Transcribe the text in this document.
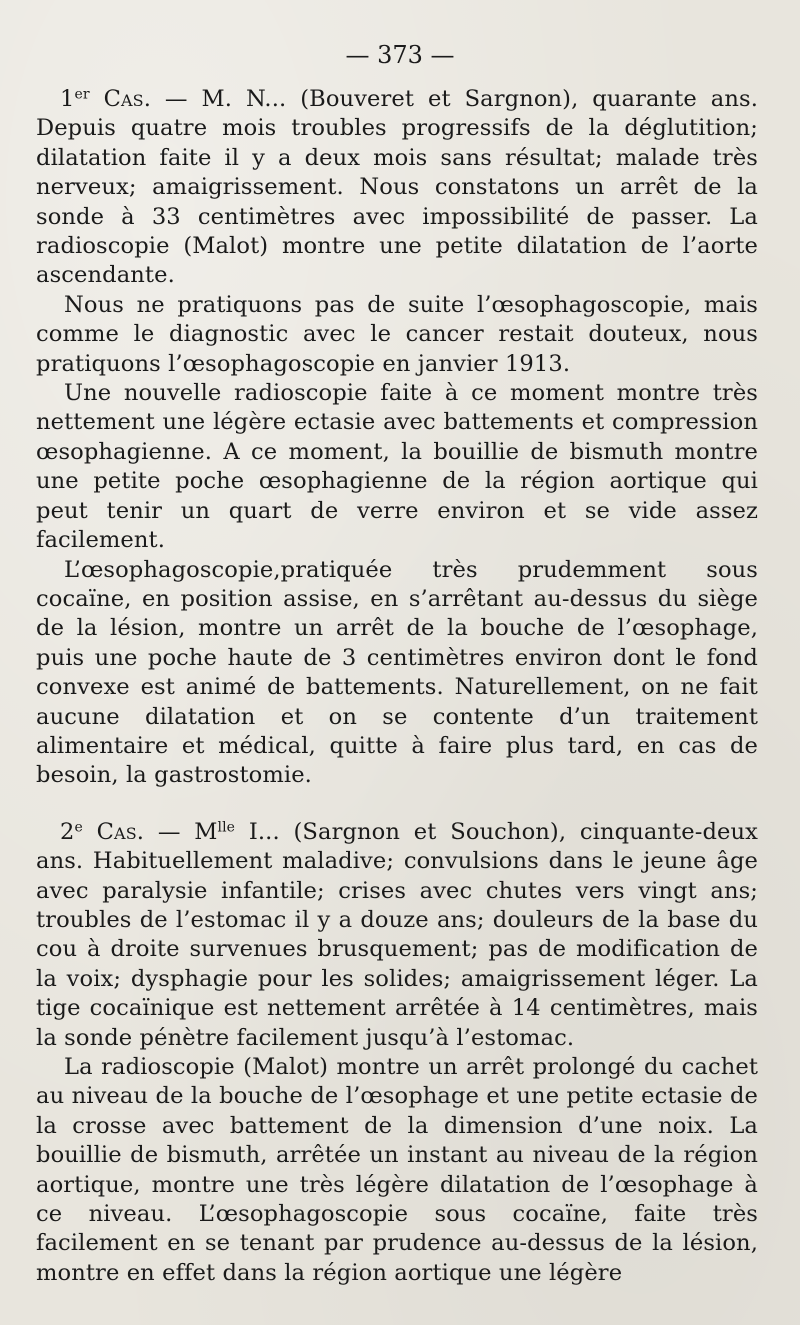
— 373 —

1er Cas. — M. N... (Bouveret et Sargnon), quarante ans. Depuis quatre mois troubles progressifs de la déglutition; dilatation faite il y a deux mois sans résultat; malade très nerveux; amaigrissement. Nous constatons un arrêt de la sonde à 33 centimètres avec impossibilité de passer. La radioscopie (Malot) montre une petite dilatation de l’aorte ascendante.

Nous ne pratiquons pas de suite l’œsophagoscopie, mais comme le diagnostic avec le cancer restait douteux, nous pratiquons l’œsophagoscopie en janvier 1913.

Une nouvelle radioscopie faite à ce moment montre très nettement une légère ectasie avec battements et compression œsophagienne. A ce moment, la bouillie de bismuth montre une petite poche œsophagienne de la région aortique qui peut tenir un quart de verre environ et se vide assez facilement.

L’œsophagoscopie,pratiquée très prudemment sous cocaïne, en position assise, en s’arrêtant au-dessus du siège de la lésion, montre un arrêt de la bouche de l’œsophage, puis une poche haute de 3 centimètres environ dont le fond convexe est animé de battements. Naturellement, on ne fait aucune dilatation et on se contente d’un traitement alimentaire et médical, quitte à faire plus tard, en cas de besoin, la gastrostomie.

2e Cas. — $M^{lle}$ I... (Sargnon et Souchon), cinquante-deux ans. Habituellement maladive; convulsions dans le jeune âge avec paralysie infantile; crises avec chutes vers vingt ans; troubles de l’estomac il y a douze ans; douleurs de la base du cou à droite survenues brusquement; pas de modification de la voix; dysphagie pour les solides; amaigrissement léger. La tige cocaïnique est nettement arrêtée à 14 centimètres, mais la sonde pénètre facilement jusqu’à l’estomac.

La radioscopie (Malot) montre un arrêt prolongé du cachet au niveau de la bouche de l’œsophage et une petite ectasie de la crosse avec battement de la dimension d’une noix. La bouillie de bismuth, arrêtée un instant au niveau de la région aortique, montre une très légère dilatation de l’œsophage à ce niveau. L’œsophagoscopie sous cocaïne, faite très facilement en se tenant par prudence au-dessus de la lésion, montre en effet dans la région aortique une légère
